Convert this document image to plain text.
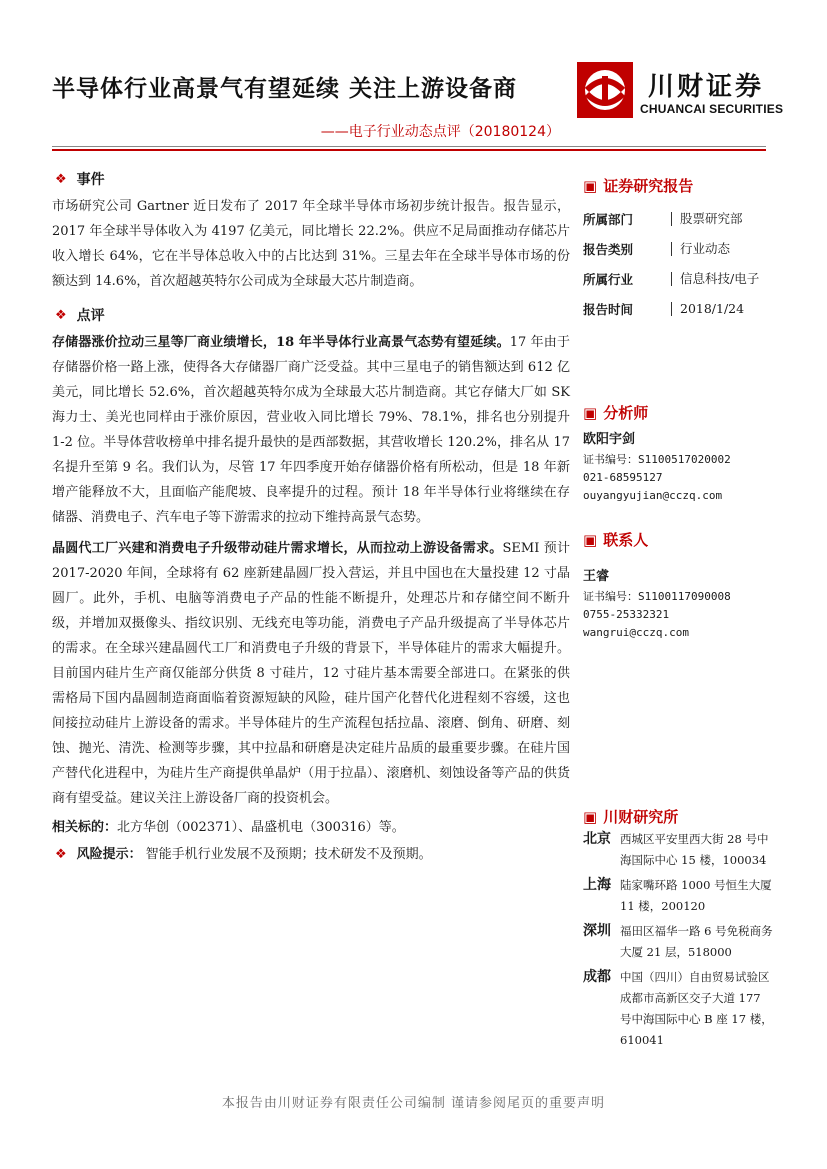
半导体行业高景气有望延续 关注上游设备商
——电子行业动态点评（20180124）
川财证券
CHUANCAI SECURITIES
❖ 事件
市场研究公司 Gartner 近日发布了 2017 年全球半导体市场初步统计报告。报告显示，2017 年全球半导体收入为 4197 亿美元，同比增长 22.2%。供应不足局面推动存储芯片收入增长 64%，它在半导体总收入中的占比达到 31%。三星去年在全球半导体市场的份额达到 14.6%，首次超越英特尔公司成为全球最大芯片制造商。
❖ 点评
存储器涨价拉动三星等厂商业绩增长，18 年半导体行业高景气态势有望延续。17 年由于存储器价格一路上涨，使得各大存储器厂商广泛受益。其中三星电子的销售额达到 612 亿美元，同比增长 52.6%，首次超越英特尔成为全球最大芯片制造商。其它存储大厂如 SK 海力士、美光也同样由于涨价原因，营业收入同比增长 79%、78.1%，排名也分别提升 1-2 位。半导体营收榜单中排名提升最快的是西部数据，其营收增长 120.2%，排名从 17 名提升至第 9 名。我们认为，尽管 17 年四季度开始存储器价格有所松动，但是 18 年新增产能释放不大，且面临产能爬坡、良率提升的过程。预计 18 年半导体行业将继续在存储器、消费电子、汽车电子等下游需求的拉动下维持高景气态势。
晶圆代工厂兴建和消费电子升级带动硅片需求增长，从而拉动上游设备需求。SEMI 预计 2017-2020 年间，全球将有 62 座新建晶圆厂投入营运，并且中国也在大量投建 12 寸晶圆厂。此外，手机、电脑等消费电子产品的性能不断提升，处理芯片和存储空间不断升级，并增加双摄像头、指纹识别、无线充电等功能，消费电子产品升级提高了半导体芯片的需求。在全球兴建晶圆代工厂和消费电子升级的背景下，半导体硅片的需求大幅提升。目前国内硅片生产商仅能部分供货 8 寸硅片，12 寸硅片基本需要全部进口。在紧张的供需格局下国内晶圆制造商面临着资源短缺的风险，硅片国产化替代化进程刻不容缓，这也间接拉动硅片上游设备的需求。半导体硅片的生产流程包括拉晶、滚磨、倒角、研磨、刻蚀、抛光、清洗、检测等步骤，其中拉晶和研磨是决定硅片品质的最重要步骤。在硅片国产替代化进程中，为硅片生产商提供单晶炉（用于拉晶）、滚磨机、刻蚀设备等产品的供货商有望受益。建议关注上游设备厂商的投资机会。
相关标的：北方华创（002371）、晶盛机电（300316）等。
❖ 风险提示： 智能手机行业发展不及预期；技术研发不及预期。
▣ 证券研究报告
所属部门	股票研究部
报告类别	行业动态
所属行业	信息科技/电子
报告时间	2018/1/24
▣ 分析师
欧阳宇剑
证书编号：S1100517020002
021-68595127
ouyangyujian@cczq.com
▣ 联系人
王睿
证书编号：S1100117090008
0755-25332321
wangrui@cczq.com
▣ 川财研究所
北京 西城区平安里西大街 28 号中海国际中心 15 楼，100034
上海 陆家嘴环路 1000 号恒生大厦 11 楼，200120
深圳 福田区福华一路 6 号免税商务大厦 21 层，518000
成都 中国（四川）自由贸易试验区成都市高新区交子大道 177 号中海国际中心 B 座 17 楼，610041
本报告由川财证券有限责任公司编制 谨请参阅尾页的重要声明
